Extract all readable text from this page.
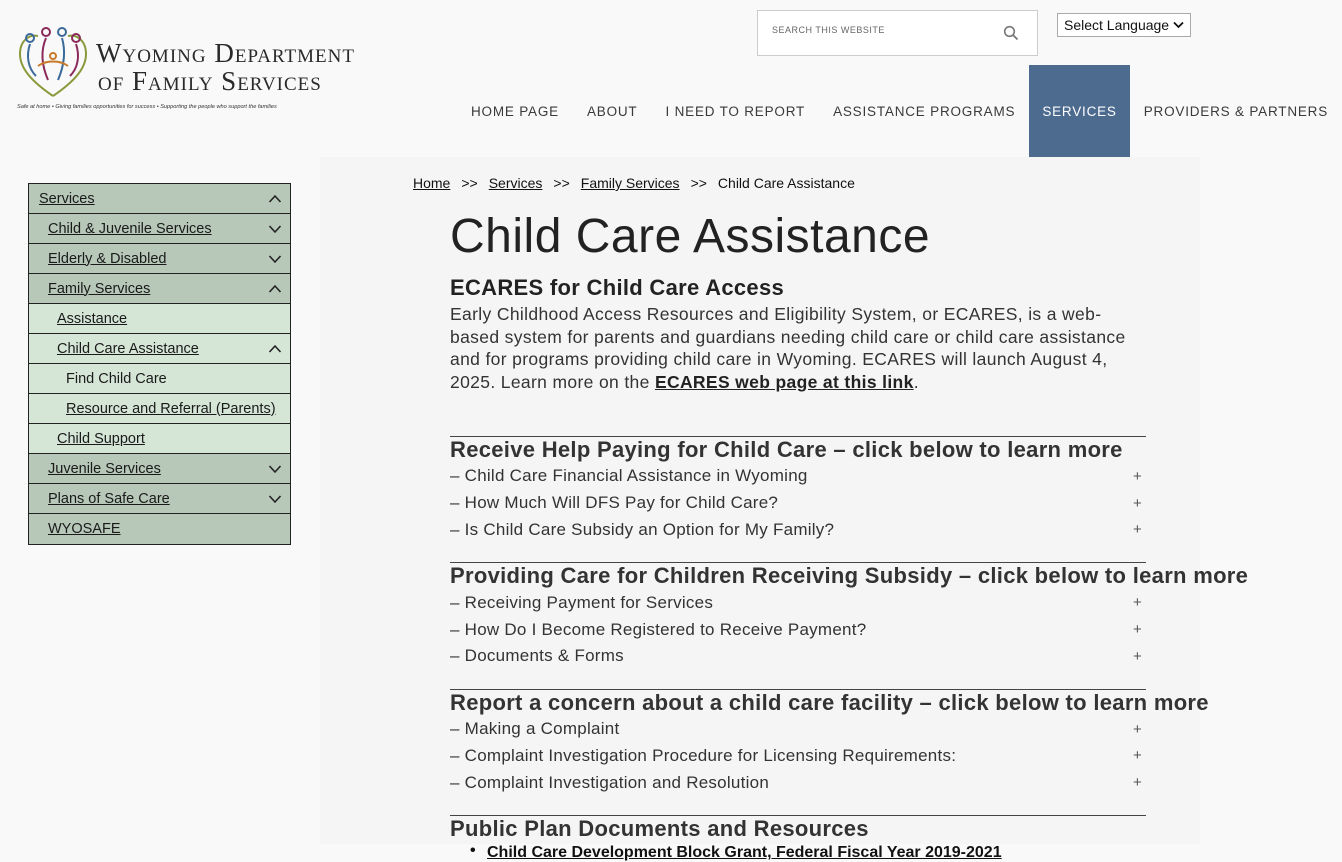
Wyoming Department
of Family Services
Safe at home • Giving families opportunities for success • Supporting the people who support the families
Search this website
Select Language
HOME PAGE	ABOUT	I NEED TO REPORT	ASSISTANCE PROGRAMS	SERVICES	PROVIDERS & PARTNERS
Services
Child & Juvenile Services
Elderly & Disabled
Family Services
Assistance
Child Care Assistance
Find Child Care
Resource and Referral (Parents)
Child Support
Juvenile Services
Plans of Safe Care
WYOSAFE
Home >> Services >> Family Services >> Child Care Assistance
Child Care Assistance
ECARES for Child Care Access

Early Childhood Access Resources and Eligibility System, or ECARES, is a web-based system for parents and guardians needing child care or child care assistance and for programs providing child care in Wyoming. ECARES will launch August 4, 2025. Learn more on the ECARES web page at this link.

Receive Help Paying for Child Care – click below to learn more
– Child Care Financial Assistance in Wyoming	+
– How Much Will DFS Pay for Child Care?	+
– Is Child Care Subsidy an Option for My Family?	+
Providing Care for Children Receiving Subsidy – click below to learn more
– Receiving Payment for Services	+
– How Do I Become Registered to Receive Payment?	+
– Documents & Forms	+
Report a concern about a child care facility – click below to learn more
– Making a Complaint	+
– Complaint Investigation Procedure for Licensing Requirements:	+
– Complaint Investigation and Resolution	+
Public Plan Documents and Resources
• Child Care Development Block Grant, Federal Fiscal Year 2019-2021
